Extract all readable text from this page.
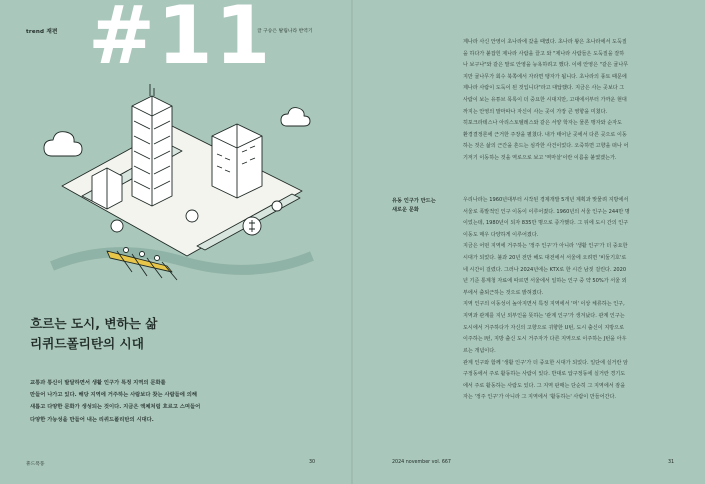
trend 재편 #11
글 구승은 탈림나라 반역기
흐르는 도시, 변하는 삶
리퀴드폴리탄의 시대
교통과 통신이 발달하면서 생활 인구가 특정 지역의 문화를
만들어 나가고 있다. 해당 지역에 거주하는 사람보다 찾는 사람들에 의해
새롭고 다양한 문화가 생성되는 것이다. 지금은 액체처럼 흐르고 스며들어
다양한 가능성을 만들어 내는 리퀴드폴리탄의 시대다.
휴드폭풍	30	2024 november vol. 667	31
계나라 사신 안영이 초나라에 갔을 때였다. 초나라 왕은 초나라에서 도둑질
을 하다가 붙잡힌 제나라 사람을 끌고 와 "제나라 사람들은 도둑질을 잘하
나 보구나"와 같은 말로 안영을 능욕하려고 했다. 이에 안영은 "같은 귤나무
지만 귤나무가 회수 북쪽에서 자라면 탱자가 됩니다. 초나라의 풍토 때문에
제나라 사람이 도둑이 된 것입니다"라고 대답했다. 지금은 사는 곳보다 그
사람이 보는 유튜브 목록이 더 중요한 시대지만, 고대에서부터 가까운 현대
까지는 안영의 말마따나 자신이 사는 곳이 가장 큰 영향을 미쳤다.
히포크라테스나 아리스토텔레스와 같은 서양 학자는 물론 맹자와 순자도
환경결정론에 근거한 주장을 펼쳤다. 내가 태어난 곳에서 다른 곳으로 이동
하는 것은 삶의 근간을 흔드는 심각한 사건이었다. 오죽하면 고향을 떠나 어
기저기 이동하는 것을 역로으로 보고 '역마살'이란 이름을 붙였겠는가.
유동 인구가 만드는
새로운 문화
우리나라는 1960년대부터 시작된 경제개발 5개년 계획과 맞물려 지방에서
서울로 폭발적인 인구 이동이 이루어졌다. 1960년의 서울 인구는 244만 명
이었는데, 1980년이 되자 835만 명으로 증가했다. 그 뒤에 도시 간의 인구
이동도 매우 다양하게 이루어졌다.
지금은 어떤 지역에 거주하는 '정주 인구'가 아니라 '생활 인구'가 더 중요한
시대가 되었다. 불과 20년 전만 해도 대전에서 서울에 오려면 '비둘기호'로
네 시간이 걸렸다. 그러나 2024년에는 KTX로 한 시간 남짓 걸린다. 2020
년 기준 통계청 자료에 따르면 서울에서 일하는 인구 중 약 50%가 서울 외
부에서 출퇴근하는 것으로 밝혀졌다.
지역 인구의 이동성이 높아지면서 특정 지역에서 '머' 이상 체류하는 인구,
지역과 관계를 지닌 외부인을 뜻하는 '관계 인구'가 생겨났다. 관계 인구는
도시에서 거주하다가 자신의 고향으로 귀향한 U턴, 도시 출신이 지방으로
이주하는 I턴, 지방 출신 도시 거주자가 다른 지역으로 이주하는 J턴을 아우
르는 개념이다.
관계 인구와 함께 '생활 인구'가 더 중요한 시대가 되었다. 일단에 실거란 암
구정동에서 주로 활동하는 사람이 있다. 반대로 압구정동에 실거란 경기도
에서 주로 활동하는 사람도 있다. 그 지역 판매는 단순히 그 지역에서 잠을
자는 '정주 인구'가 아니라 그 지역에서 '활동하는' 사람이 만들어간다.
